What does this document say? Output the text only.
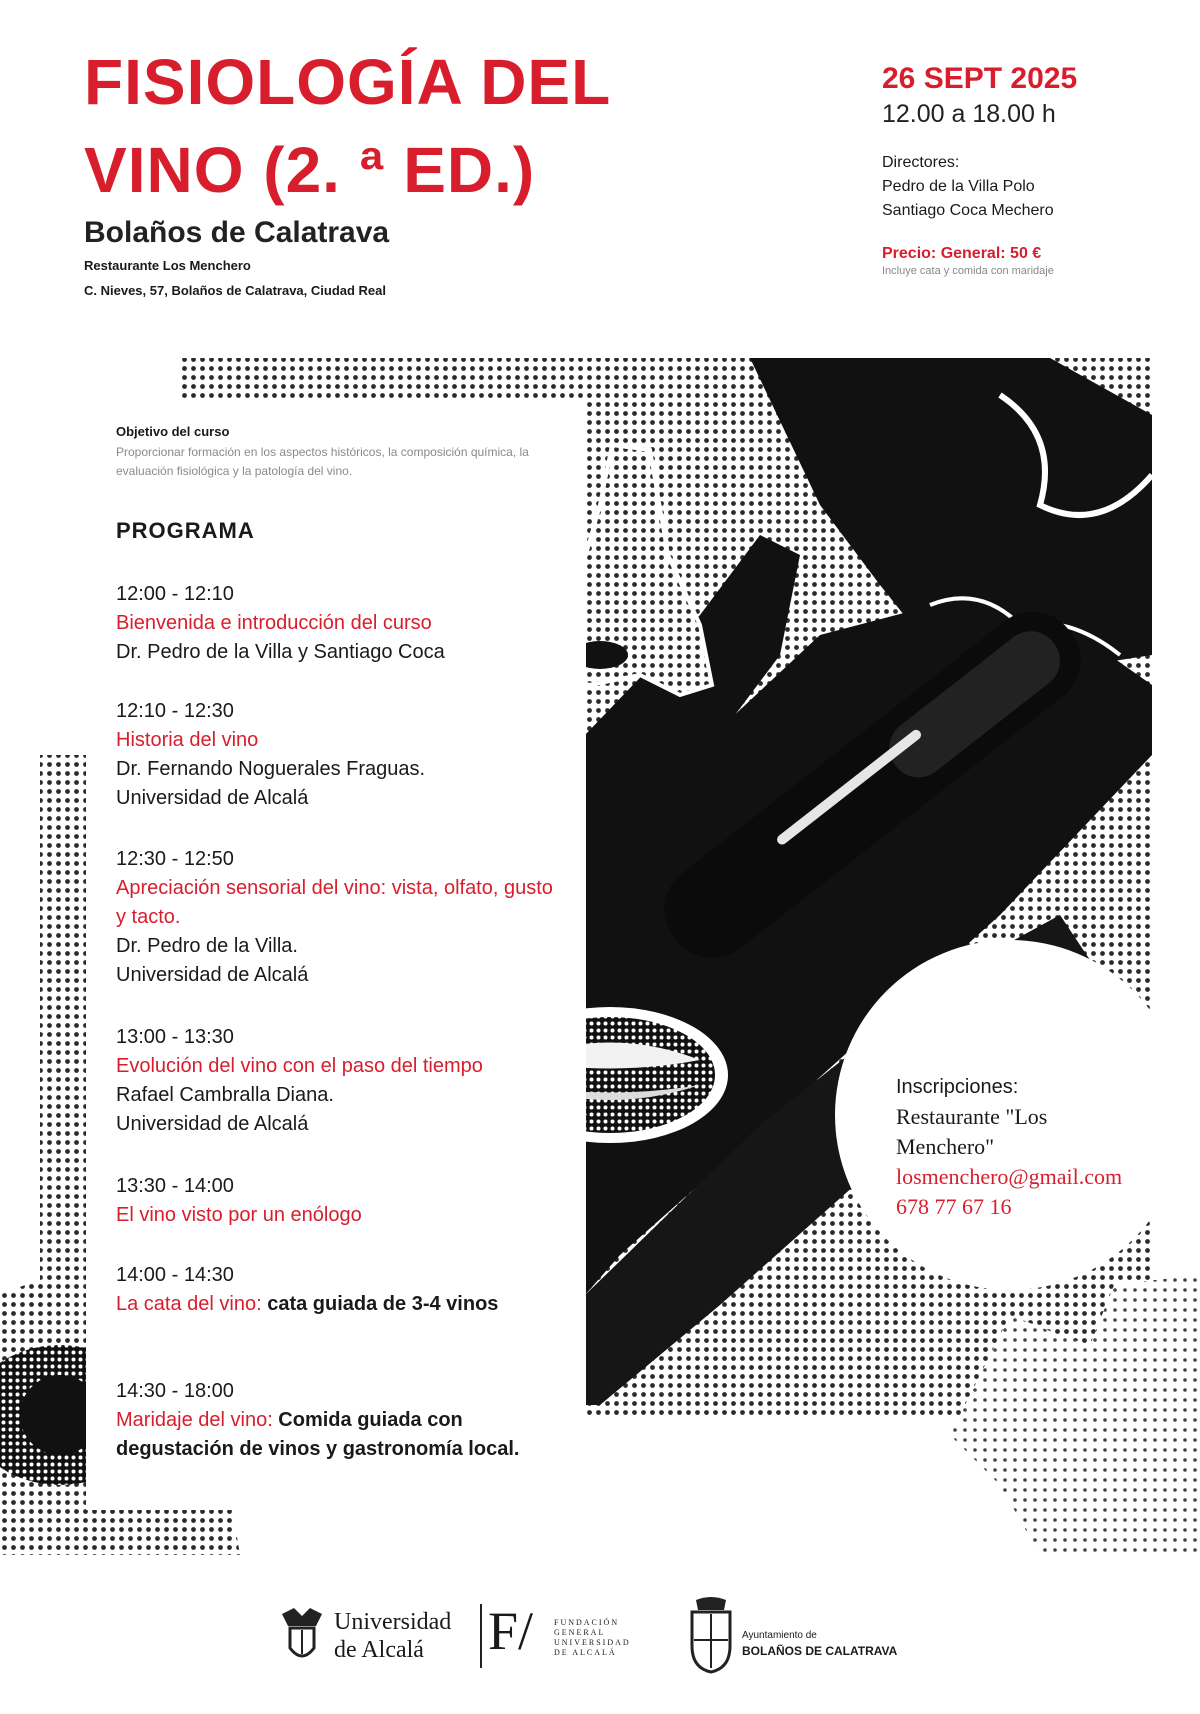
FISIOLOGÍA DEL
VINO (2. ª ED.)
Bolaños de Calatrava
Restaurante Los Menchero
C. Nieves, 57, Bolaños de Calatrava, Ciudad Real
26 SEPT 2025
12.00 a 18.00 h
Directores:
Pedro de la Villa Polo
Santiago Coca Mechero
Precio: General: 50 €
Incluye cata y comida con maridaje
Objetivo del curso
Proporcionar formación en los aspectos históricos, la composición química, la evaluación fisiológica y la patología del vino.
PROGRAMA
12:00 - 12:10
Bienvenida e introducción del curso
Dr. Pedro de la Villa y Santiago Coca
12:10 - 12:30
Historia del vino
Dr. Fernando Noguerales Fraguas.
Universidad de Alcalá
12:30 - 12:50
Apreciación sensorial del vino: vista, olfato, gusto y tacto.
Dr. Pedro de la Villa.
Universidad de Alcalá
13:00 - 13:30
Evolución del vino con el paso del tiempo
Rafael Cambralla Diana.
Universidad de Alcalá
13:30 - 14:00
El vino visto por un enólogo
14:00 - 14:30
La cata del vino: cata guiada de 3-4 vinos
14:30 - 18:00
Maridaje del vino: Comida guiada con degustación de vinos y gastronomía local.
Inscripciones:
Restaurante "Los
Menchero"
losmenchero@gmail.com
678 77 67 16
Universidad
de Alcalá	F/	FUNDACIÓN GENERAL UNIVERSIDAD DE ALCALÁ
Ayuntamiento de
BOLAÑOS DE CALATRAVA
